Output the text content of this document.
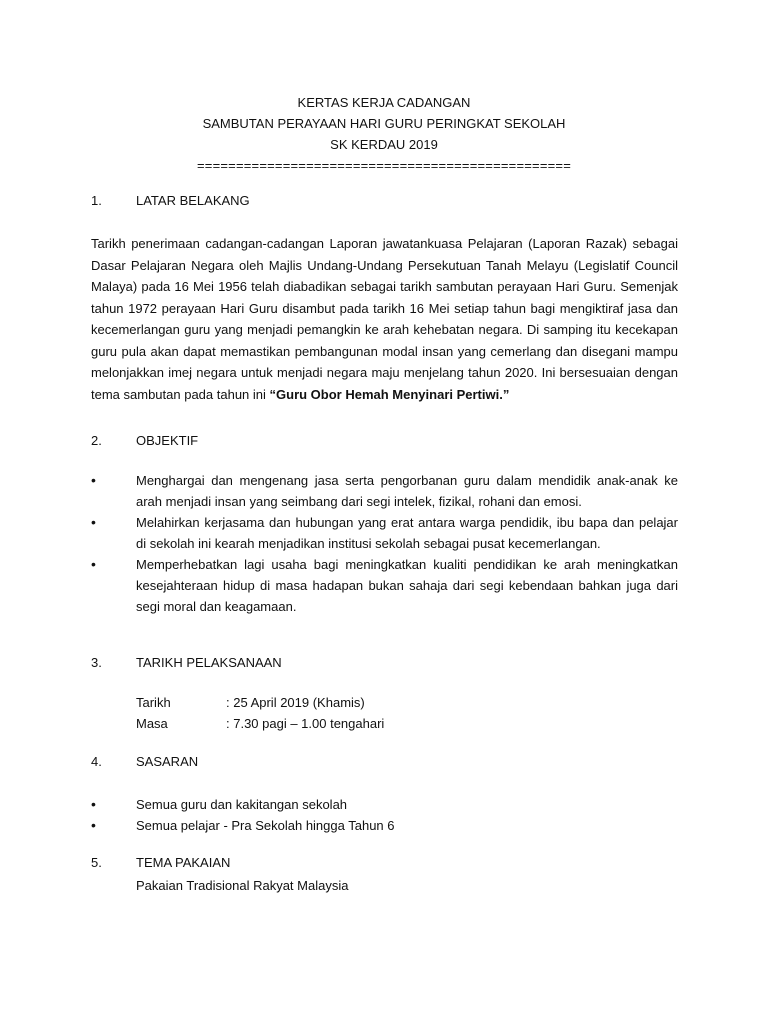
KERTAS KERJA CADANGAN
SAMBUTAN PERAYAAN HARI GURU PERINGKAT SEKOLAH
SK KERDAU 2019
================================================
1.	LATAR BELAKANG
Tarikh penerimaan cadangan-cadangan Laporan jawatankuasa Pelajaran (Laporan Razak) sebagai Dasar Pelajaran Negara oleh Majlis Undang-Undang Persekutuan Tanah Melayu (Legislatif Council Malaya) pada 16 Mei 1956 telah diabadikan sebagai tarikh sambutan perayaan Hari Guru. Semenjak tahun 1972 perayaan Hari Guru disambut pada tarikh 16 Mei setiap tahun bagi mengiktiraf jasa dan kecemerlangan guru yang menjadi pemangkin ke arah kehebatan negara. Di samping itu kecekapan guru pula akan dapat memastikan pembangunan modal insan yang cemerlang dan disegani mampu melonjakkan imej negara untuk menjadi negara maju menjelang tahun 2020. Ini bersesuaian dengan tema sambutan pada tahun ini “Guru Obor Hemah Menyinari Pertiwi.”
2.	OBJEKTIF
•	Menghargai dan mengenang jasa serta pengorbanan guru dalam mendidik anak-anak ke arah menjadi insan yang seimbang dari segi intelek, fizikal, rohani dan emosi.
•	Melahirkan kerjasama dan hubungan yang erat antara warga pendidik, ibu bapa dan pelajar di sekolah ini kearah menjadikan institusi sekolah sebagai pusat kecemerlangan.
•	Memperhebatkan lagi usaha bagi meningkatkan kualiti pendidikan ke arah meningkatkan kesejahteraan hidup di masa hadapan bukan sahaja dari segi kebendaan bahkan juga dari segi moral dan keagamaan.
3.	TARIKH PELAKSANAAN
Tarikh	: 25 April 2019 (Khamis)
Masa	: 7.30 pagi – 1.00 tengahari
4.	SASARAN
•	Semua guru dan kakitangan sekolah
•	Semua pelajar - Pra Sekolah hingga Tahun 6
5.	TEMA PAKAIAN
Pakaian Tradisional Rakyat Malaysia
